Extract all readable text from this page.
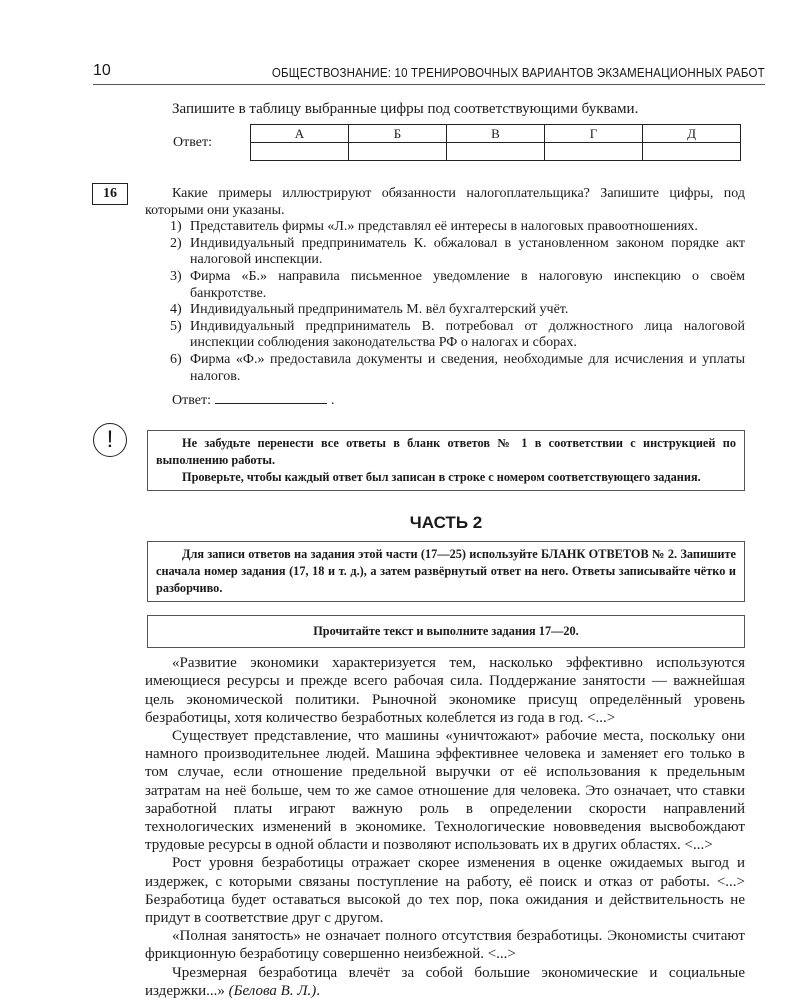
10	ОБЩЕСТВОЗНАНИЕ: 10 ТРЕНИРОВОЧНЫХ ВАРИАНТОВ ЭКЗАМЕНАЦИОННЫХ РАБОТ
Запишите в таблицу выбранные цифры под соответствующими буквами.
Ответ:
А	Б	В	Г	Д

16	Какие примеры иллюстрируют обязанности налогоплательщика? Запишите цифры, под которыми они указаны.

1) Представитель фирмы «Л.» представлял её интересы в налоговых правоотношениях.
2) Индивидуальный предприниматель К. обжаловал в установленном законом порядке акт налоговой инспекции.
3) Фирма «Б.» направила письменное уведомление в налоговую инспекцию о своём банкротстве.
4) Индивидуальный предприниматель М. вёл бухгалтерский учёт.
5) Индивидуальный предприниматель В. потребовал от должностного лица налоговой инспекции соблюдения законодательства РФ о налогах и сборах.
6) Фирма «Ф.» предоставила документы и сведения, необходимые для исчисления и уплаты налогов.
Ответ:	.
!	Не забудьте перенести все ответы в бланк ответов № 1 в соответствии с инструкцией по выполнению работы.

Проверьте, чтобы каждый ответ был записан в строке с номером соответствующего задания.

ЧАСТЬ 2

Для записи ответов на задания этой части (17—25) используйте БЛАНК ОТВЕТОВ № 2. Запишите сначала номер задания (17, 18 и т. д.), а затем развёрнутый ответ на него. Ответы записывайте чётко и разборчиво.

Прочитайте текст и выполните задания 17—20.

«Развитие экономики характеризуется тем, насколько эффективно используются имеющиеся ресурсы и прежде всего рабочая сила. Поддержание занятости — важнейшая цель экономической политики. Рыночной экономике присущ определённый уровень безработицы, хотя количество безработных колеблется из года в год. <...>

Существует представление, что машины «уничтожают» рабочие места, поскольку они намного производительнее людей. Машина эффективнее человека и заменяет его только в том случае, если отношение предельной выручки от её использования к предельным затратам на неё больше, чем то же самое отношение для человека. Это означает, что ставки заработной платы играют важную роль в определении скорости направлений технологических изменений в экономике. Технологические нововведения высвобождают трудовые ресурсы в одной области и позволяют использовать их в других областях. <...>

Рост уровня безработицы отражает скорее изменения в оценке ожидаемых выгод и издержек, с которыми связаны поступление на работу, её поиск и отказ от работы. <...> Безработица будет оставаться высокой до тех пор, пока ожидания и действительность не придут в соответствие друг с другом.

«Полная занятость» не означает полного отсутствия безработицы. Экономисты считают фрикционную безработицу совершенно неизбежной. <...>

Чрезмерная безработица влечёт за собой большие экономические и социальные издержки...» (Белова В. Л.).
